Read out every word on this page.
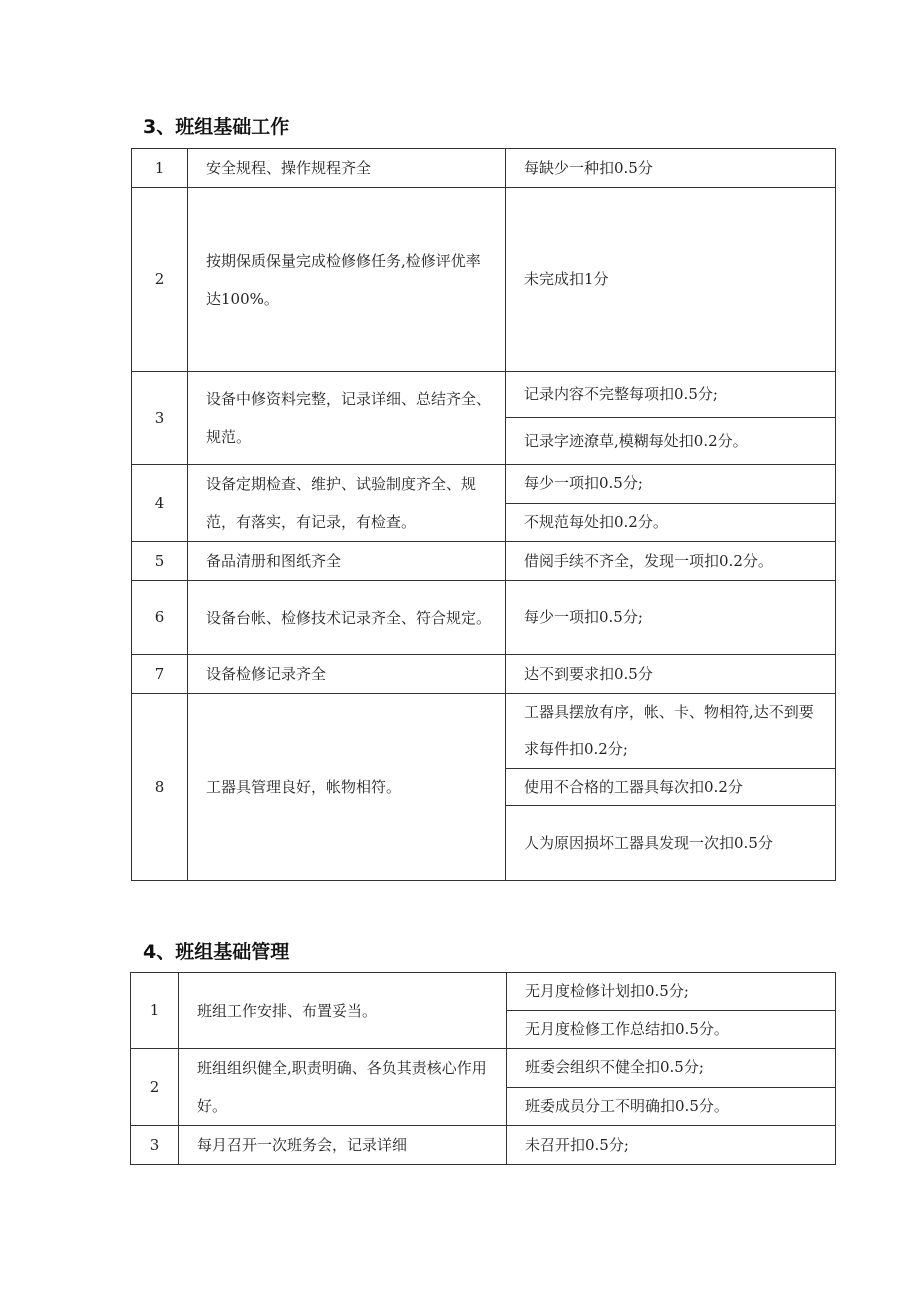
3、班组基础工作
1	安全规程、操作规程齐全	每缺少一种扣0.5分
2	按期保质保量完成检修修任务,检修评优率达100%。	未完成扣1分
3	设备中修资料完整，记录详细、总结齐全、规范。	记录内容不完整每项扣0.5分;
		记录字迹潦草,模糊每处扣0.2分。
4	设备定期检查、维护、试验制度齐全、规范，有落实，有记录，有检查。	每少一项扣0.5分;
		不规范每处扣0.2分。
5	备品清册和图纸齐全	借阅手续不齐全，发现一项扣0.2分。
6	设备台帐、检修技术记录齐全、符合规定。	每少一项扣0.5分;
7	设备检修记录齐全	达不到要求扣0.5分
8	工器具管理良好，帐物相符。	工器具摆放有序，帐、卡、物相符,达不到要求每件扣0.2分;
		使用不合格的工器具每次扣0.2分
		人为原因损坏工器具发现一次扣0.5分
4、班组基础管理
1	班组工作安排、布置妥当。	无月度检修计划扣0.5分;
		无月度检修工作总结扣0.5分。
2	班组组织健全,职责明确、各负其责核心作用好。	班委会组织不健全扣0.5分;
		班委成员分工不明确扣0.5分。
3	每月召开一次班务会，记录详细	未召开扣0.5分;
